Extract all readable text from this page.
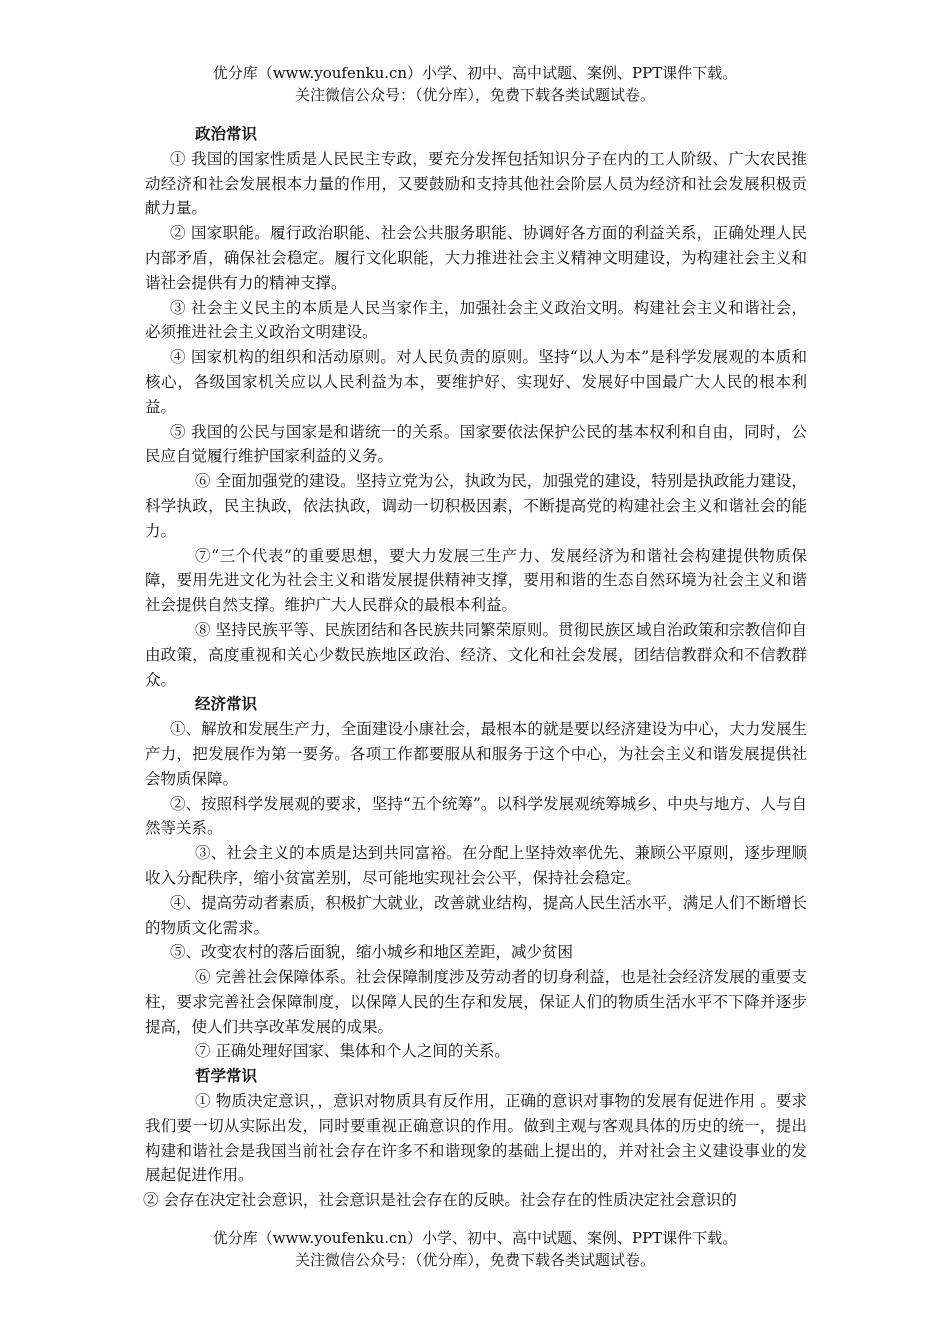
优分库（www.youfenku.cn）小学、初中、高中试题、案例、PPT课件下载。
关注微信公众号：（优分库），免费下载各类试题试卷。

政治常识

① 我国的国家性质是人民民主专政，要充分发挥包括知识分子在内的工人阶级、广大农民推动经济和社会发展根本力量的作用，又要鼓励和支持其他社会阶层人员为经济和社会发展积极贡献力量。

② 国家职能。履行政治职能、社会公共服务职能、协调好各方面的利益关系，正确处理人民内部矛盾，确保社会稳定。履行文化职能，大力推进社会主义精神文明建设，为构建社会主义和谐社会提供有力的精神支撑。

③ 社会主义民主的本质是人民当家作主，加强社会主义政治文明。构建社会主义和谐社会，必须推进社会主义政治文明建设。

④ 国家机构的组织和活动原则。对人民负责的原则。坚持“以人为本”是科学发展观的本质和核心，各级国家机关应以人民利益为本，要维护好、实现好、发展好中国最广大人民的根本利益。

⑤ 我国的公民与国家是和谐统一的关系。国家要依法保护公民的基本权利和自由，同时，公民应自觉履行维护国家利益的义务。

⑥ 全面加强党的建设。坚持立党为公，执政为民，加强党的建设，特别是执政能力建设，科学执政，民主执政，依法执政，调动一切积极因素，不断提高党的构建社会主义和谐社会的能力。

⑦“三个代表”的重要思想，要大力发展三生产力、发展经济为和谐社会构建提供物质保障，要用先进文化为社会主义和谐发展提供精神支撑，要用和谐的生态自然环境为社会主义和谐社会提供自然支撑。维护广大人民群众的最根本利益。

⑧ 坚持民族平等、民族团结和各民族共同繁荣原则。贯彻民族区域自治政策和宗教信仰自由政策，高度重视和关心少数民族地区政治、经济、文化和社会发展，团结信教群众和不信教群众。

经济常识

①、解放和发展生产力，全面建设小康社会，最根本的就是要以经济建设为中心，大力发展生产力，把发展作为第一要务。各项工作都要服从和服务于这个中心，为社会主义和谐发展提供社会物质保障。

②、按照科学发展观的要求，坚持“五个统筹”。以科学发展观统筹城乡、中央与地方、人与自然等关系。

③、社会主义的本质是达到共同富裕。在分配上坚持效率优先、兼顾公平原则，逐步理顺收入分配秩序，缩小贫富差别，尽可能地实现社会公平，保持社会稳定。

④、提高劳动者素质，积极扩大就业，改善就业结构，提高人民生活水平，满足人们不断增长的物质文化需求。

⑤、改变农村的落后面貌，缩小城乡和地区差距，减少贫困

⑥ 完善社会保障体系。社会保障制度涉及劳动者的切身利益，也是社会经济发展的重要支柱，要求完善社会保障制度，以保障人民的生存和发展，保证人们的物质生活水平不下降并逐步提高，使人们共享改革发展的成果。

⑦ 正确处理好国家、集体和个人之间的关系。

哲学常识

① 物质决定意识，，意识对物质具有反作用，正确的意识对事物的发展有促进作用 。要求我们要一切从实际出发，同时要重视正确意识的作用。做到主观与客观具体的历史的统一，提出构建和谐社会是我国当前社会存在许多不和谐现象的基础上提出的，并对社会主义建设事业的发展起促进作用。

② 会存在决定社会意识，社会意识是社会存在的反映。社会存在的性质决定社会意识的

优分库（www.youfenku.cn）小学、初中、高中试题、案例、PPT课件下载。
关注微信公众号：（优分库），免费下载各类试题试卷。
